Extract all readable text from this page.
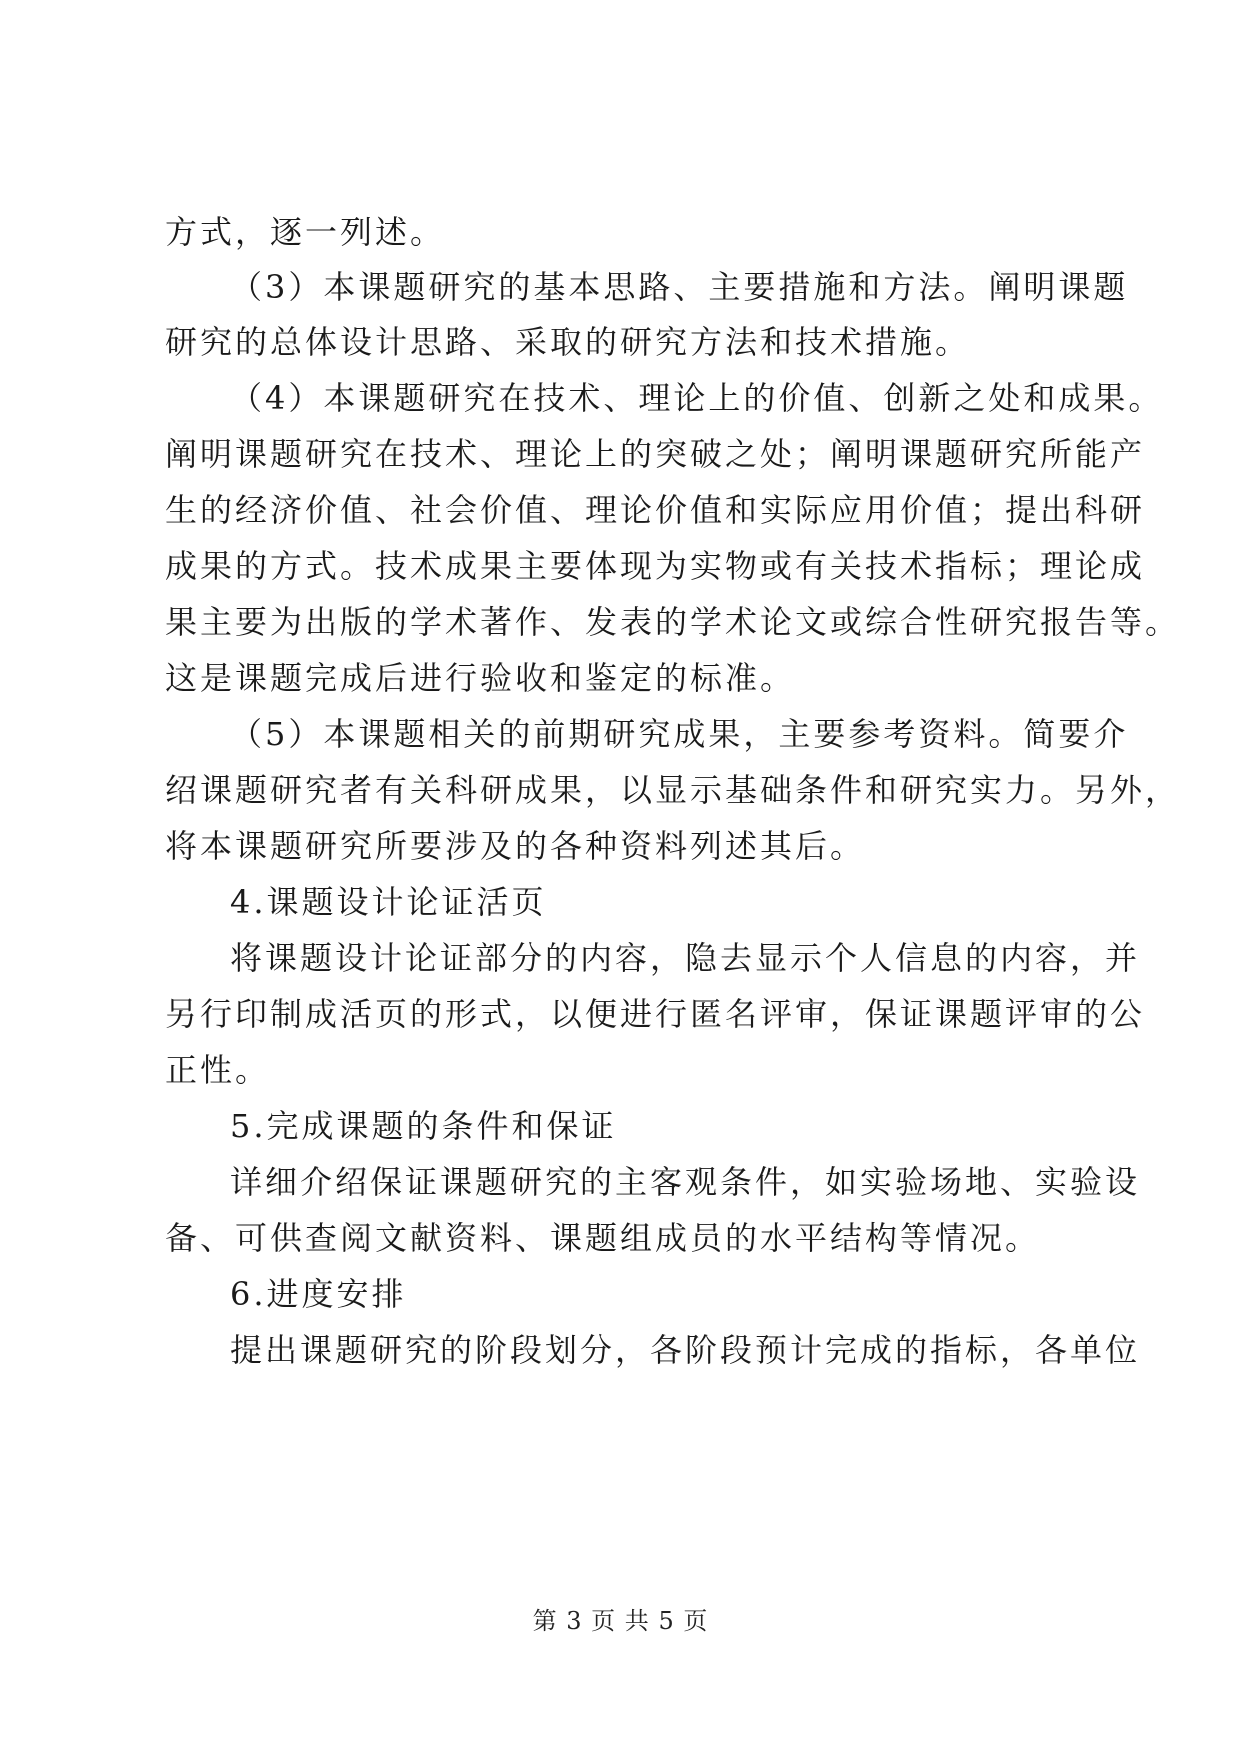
方式，逐一列述。
（3）本课题研究的基本思路、主要措施和方法。阐明课题
研究的总体设计思路、采取的研究方法和技术措施。
（4）本课题研究在技术、理论上的价值、创新之处和成果。
阐明课题研究在技术、理论上的突破之处；阐明课题研究所能产
生的经济价值、社会价值、理论价值和实际应用价值；提出科研
成果的方式。技术成果主要体现为实物或有关技术指标；理论成
果主要为出版的学术著作、发表的学术论文或综合性研究报告等。
这是课题完成后进行验收和鉴定的标准。
（5）本课题相关的前期研究成果，主要参考资料。简要介
绍课题研究者有关科研成果，以显示基础条件和研究实力。另外，
将本课题研究所要涉及的各种资料列述其后。
4.课题设计论证活页
将课题设计论证部分的内容，隐去显示个人信息的内容，并
另行印制成活页的形式，以便进行匿名评审，保证课题评审的公
正性。
5.完成课题的条件和保证
详细介绍保证课题研究的主客观条件，如实验场地、实验设
备、可供查阅文献资料、课题组成员的水平结构等情况。
6.进度安排
提出课题研究的阶段划分，各阶段预计完成的指标，各单位
第 3 页 共 5 页
